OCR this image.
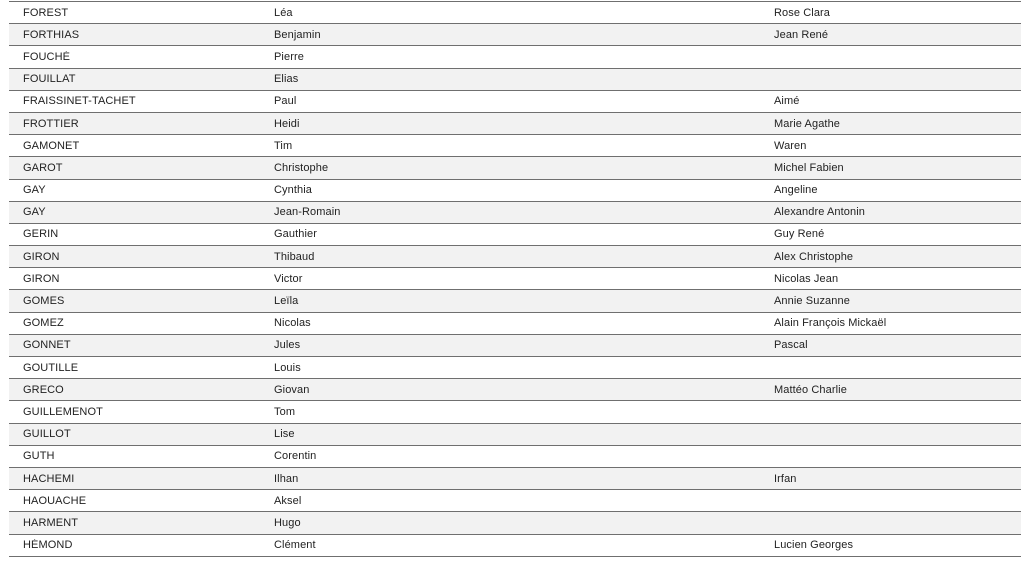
FOREST	Léa	Rose Clara
FORTHIAS	Benjamin	Jean René
FOUCHÉ	Pierre
FOUILLAT	Elias
FRAISSINET-TACHET	Paul	Aimé
FROTTIER	Heidi	Marie Agathe
GAMONET	Tim	Waren
GAROT	Christophe	Michel Fabien
GAY	Cynthia	Angeline
GAY	Jean-Romain	Alexandre Antonin
GERIN	Gauthier	Guy René
GIRON	Thibaud	Alex Christophe
GIRON	Victor	Nicolas Jean
GOMES	Leïla	Annie Suzanne
GOMEZ	Nicolas	Alain François Mickaël
GONNET	Jules	Pascal
GOUTILLE	Louis
GRECO	Giovan	Mattéo Charlie
GUILLEMENOT	Tom
GUILLOT	Lise
GUTH	Corentin
HACHEMI	Ilhan	Irfan
HAOUACHE	Aksel
HARMENT	Hugo
HÉMOND	Clément	Lucien Georges
